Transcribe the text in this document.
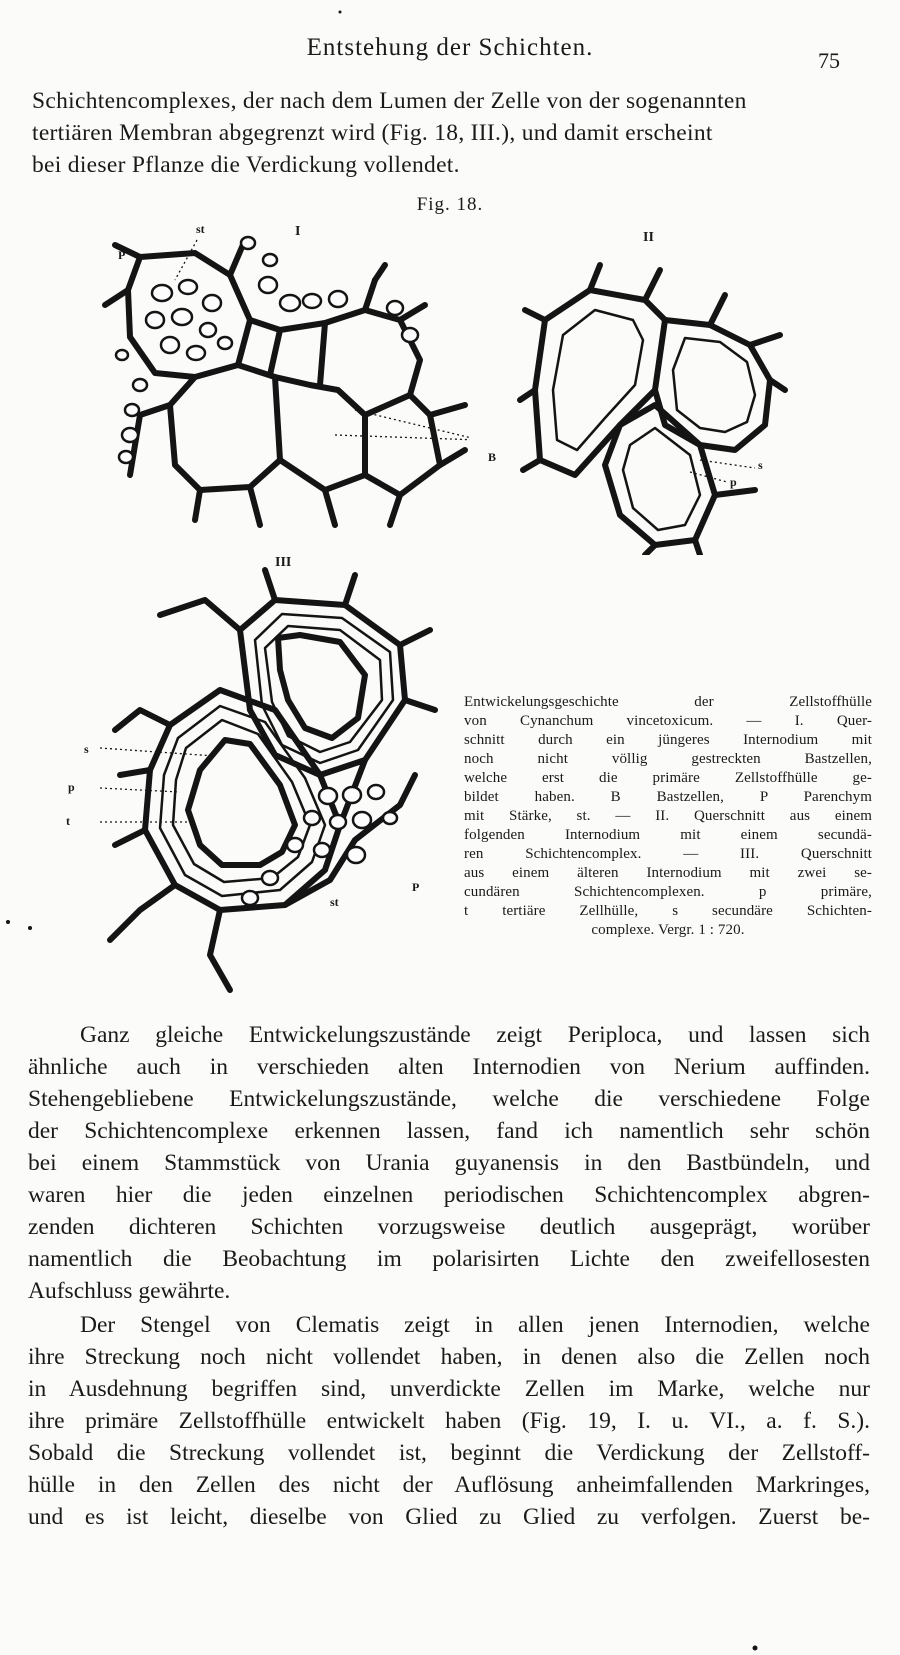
Entstehung der Schichten.	75
Schichtencomplexes, der nach dem Lumen der Zelle von der sogenannten
tertiären Membran abgegrenzt wird (Fig. 18, III.), und damit erscheint
bei dieser Pflanze die Verdickung vollendet.
Fig. 18.
I
st
P
B
II
s
p
III
s
p
t
st
P
Entwickelungsgeschichte der Zellstoffhülle
von Cynanchum vincetoxicum. — I. Quer-
schnitt durch ein jüngeres Internodium mit
noch nicht völlig gestreckten Bastzellen,
welche erst die primäre Zellstoffhülle ge-
bildet haben. B Bastzellen, P Parenchym
mit Stärke, st. — II. Querschnitt aus einem
folgenden Internodium mit einem secundä-
ren Schichtencomplex. — III. Querschnitt
aus einem älteren Internodium mit zwei se-
cundären Schichtencomplexen. p primäre,
t tertiäre Zellhülle, s secundäre Schichten-
complexe. Vergr. 1 : 720.
Ganz gleiche Entwickelungszustände zeigt Periploca, und lassen sich
ähnliche auch in verschieden alten Internodien von Nerium auffinden.
Stehengebliebene Entwickelungszustände, welche die verschiedene Folge
der Schichtencomplexe erkennen lassen, fand ich namentlich sehr schön
bei einem Stammstück von Urania guyanensis in den Bastbündeln, und
waren hier die jeden einzelnen periodischen Schichtencomplex abgren-
zenden dichteren Schichten vorzugsweise deutlich ausgeprägt, worüber
namentlich die Beobachtung im polarisirten Lichte den zweifellosesten
Aufschluss gewährte.
Der Stengel von Clematis zeigt in allen jenen Internodien, welche
ihre Streckung noch nicht vollendet haben, in denen also die Zellen noch
in Ausdehnung begriffen sind, unverdickte Zellen im Marke, welche nur
ihre primäre Zellstoffhülle entwickelt haben (Fig. 19, I. u. VI., a. f. S.).
Sobald die Streckung vollendet ist, beginnt die Verdickung der Zellstoff-
hülle in den Zellen des nicht der Auflösung anheimfallenden Markringes,
und es ist leicht, dieselbe von Glied zu Glied zu verfolgen. Zuerst be-
